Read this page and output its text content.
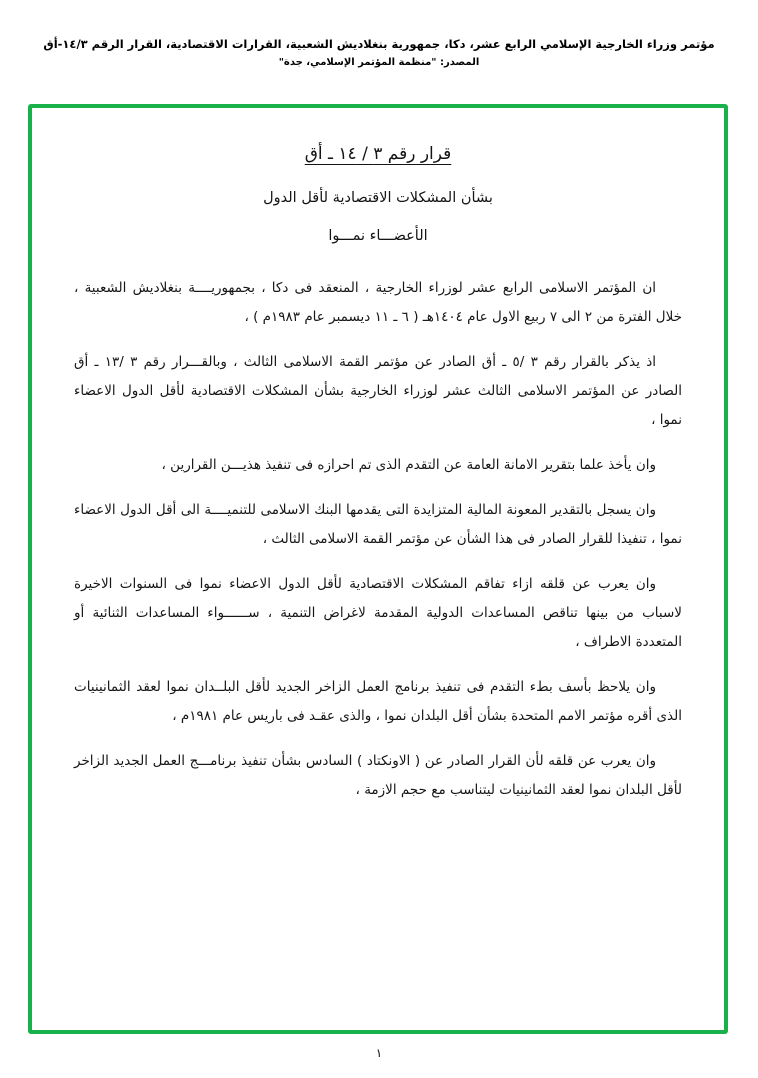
مؤتمر وزراء الخارجية الإسلامي الرابع عشر، دكا، جمهورية بنغلاديش الشعبية، القرارات الاقتصادية، القرار الرقم ١٤/٣-أق
المصدر: "منظمة المؤتمر الإسلامي، جدة"
قرار رقم ٣ / ١٤ ـ أق
بشأن المشكلات الاقتصادية لأقل الدول
الأعضـــاء نمـــوا

ان المؤتمر الاسلامى الرابع عشر لوزراء الخارجية ، المنعقد فى دكا ، بجمهوريــــة بنغلاديش الشعبية ، خلال الفترة من ٢ الى ٧ ربيع الاول عام ١٤٠٤هـ ( ٦ ـ ١١ ديسمبر عام ١٩٨٣م ) ،

اذ يذكر بالقرار رقم ٣ /٥ ـ أق الصادر عن مؤتمر القمة الاسلامى الثالث ، وبالقـــرار رقم ٣ /١٣ ـ أق الصادر عن المؤتمر الاسلامى الثالث عشر لوزراء الخارجية بشأن المشكلات الاقتصادية لأقل الدول الاعضاء نموا ،

وان يأخذ علما بتقرير الامانة العامة عن التقدم الذى تم احرازه فى تنفيذ هذيـــن القرارين ،

وان يسجل بالتقدير المعونة المالية المتزايدة التى يقدمها البنك الاسلامى للتنميــــة الى أقل الدول الاعضاء نموا ، تنفيذا للقرار الصادر فى هذا الشأن عن مؤتمر القمة الاسلامى الثالث ،

وان يعرب عن قلقه ازاء تفاقم المشكلات الاقتصادية لأقل الدول الاعضاء نموا فى السنوات الاخيرة لاسباب من بينها تناقص المساعدات الدولية المقدمة لاغراض التنمية ، ســــــواء المساعدات الثنائية أو المتعددة الاطراف ،

وان يلاحظ بأسف بطء التقدم فى تنفيذ برنامج العمل الزاخر الجديد لأقل البلــدان نموا لعقد الثمانينيات الذى أقره مؤتمر الامم المتحدة بشأن أقل البلدان نموا ، والذى عقـد فى باريس عام ١٩٨١م ،

وان يعرب عن قلقه لأن القرار الصادر عن ( الاونكتاد ) السادس بشأن تنفيذ برنامـــج العمل الجديد الزاخر لأقل البلدان نموا لعقد الثمانينيات ليتناسب مع حجم الازمة ،

١
